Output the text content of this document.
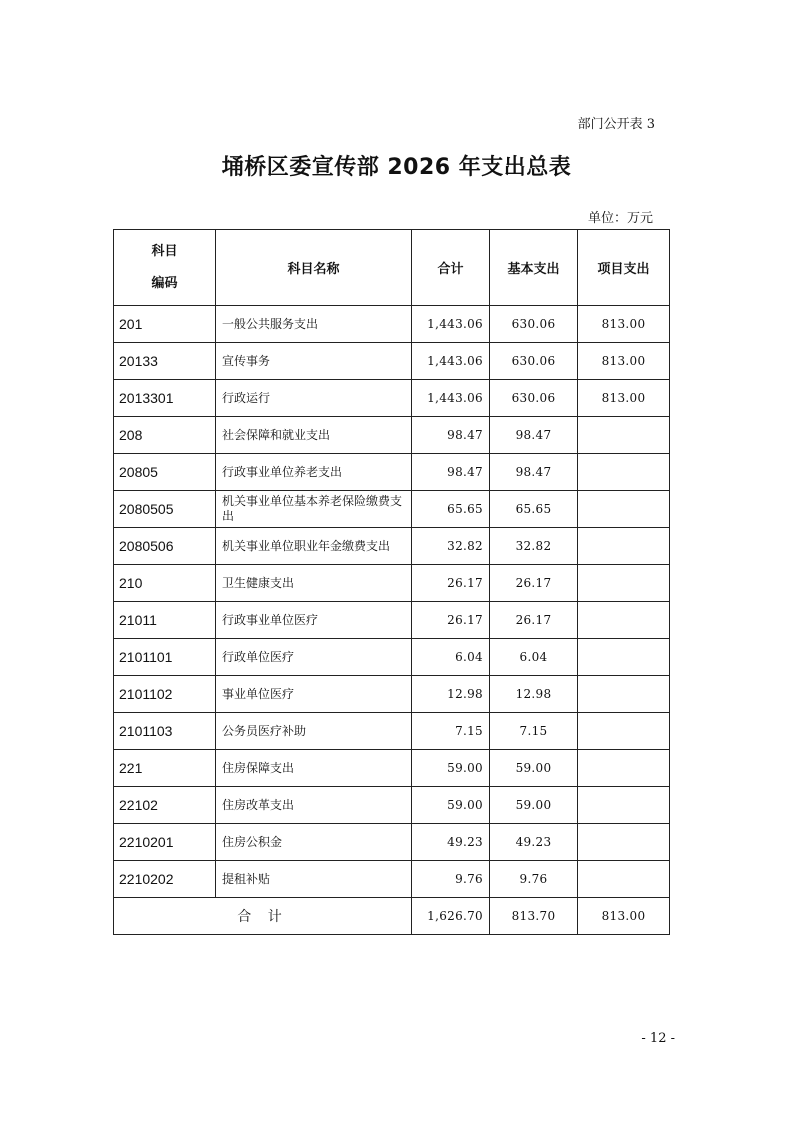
部门公开表 3
埇桥区委宣传部 2026 年支出总表
单位：万元
科目
编码	科目名称	合计	基本支出	项目支出
201	一般公共服务支出	1,443.06	630.06	813.00
20133	宣传事务	1,443.06	630.06	813.00
2013301	行政运行	1,443.06	630.06	813.00
208	社会保障和就业支出	98.47	98.47	
20805	行政事业单位养老支出	98.47	98.47	
2080505	机关事业单位基本养老保险缴费支出	65.65	65.65	
2080506	机关事业单位职业年金缴费支出	32.82	32.82	
210	卫生健康支出	26.17	26.17	
21011	行政事业单位医疗	26.17	26.17	
2101101	行政单位医疗	6.04	6.04	
2101102	事业单位医疗	12.98	12.98	
2101103	公务员医疗补助	7.15	7.15	
221	住房保障支出	59.00	59.00	
22102	住房改革支出	59.00	59.00	
2210201	住房公积金	49.23	49.23	
2210202	提租补贴	9.76	9.76	
合 计		1,626.70	813.70	813.00
- 12 -
